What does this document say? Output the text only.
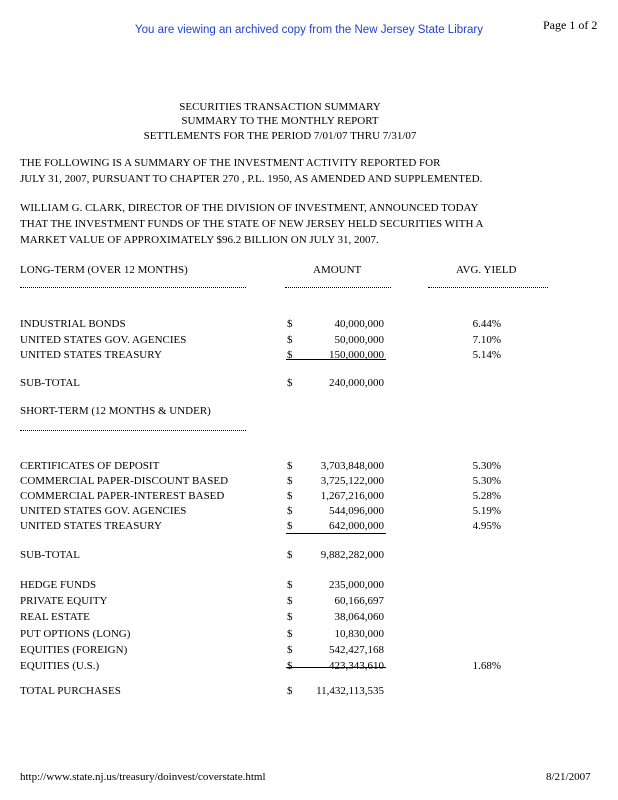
You are viewing an archived copy from the New Jersey State Library	Page 1 of 2
SECURITIES TRANSACTION SUMMARY
SUMMARY TO THE MONTHLY REPORT
SETTLEMENTS FOR THE PERIOD 7/01/07 THRU 7/31/07
THE FOLLOWING IS A SUMMARY OF THE INVESTMENT ACTIVITY REPORTED FOR
JULY 31, 2007, PURSUANT TO CHAPTER 270 , P.L. 1950, AS AMENDED AND SUPPLEMENTED.
WILLIAM G. CLARK, DIRECTOR OF THE DIVISION OF INVESTMENT, ANNOUNCED TODAY
THAT THE INVESTMENT FUNDS OF THE STATE OF NEW JERSEY HELD SECURITIES WITH A
MARKET VALUE OF APPROXIMATELY $96.2 BILLION ON JULY 31, 2007.
LONG-TERM (OVER 12 MONTHS)	AMOUNT	AVG. YIELD
INDUSTRIAL BONDS	$	40,000,000	6.44%
UNITED STATES GOV. AGENCIES	$	50,000,000	7.10%
UNITED STATES TREASURY	$	150,000,000	5.14%
SUB-TOTAL	$	240,000,000
SHORT-TERM (12 MONTHS & UNDER)
CERTIFICATES OF DEPOSIT	$	3,703,848,000	5.30%
COMMERCIAL PAPER-DISCOUNT BASED	$	3,725,122,000	5.30%
COMMERCIAL PAPER-INTEREST BASED	$	1,267,216,000	5.28%
UNITED STATES GOV. AGENCIES	$	544,096,000	5.19%
UNITED STATES TREASURY	$	642,000,000	4.95%
SUB-TOTAL	$	9,882,282,000
HEDGE FUNDS	$	235,000,000
PRIVATE EQUITY	$	60,166,697
REAL ESTATE	$	38,064,060
PUT OPTIONS (LONG)	$	10,830,000
EQUITIES (FOREIGN)	$	542,427,168
EQUITIES (U.S.)	$	423,343,610	1.68%
TOTAL PURCHASES	$	11,432,113,535
http://www.state.nj.us/treasury/doinvest/coverstate.html	8/21/2007
